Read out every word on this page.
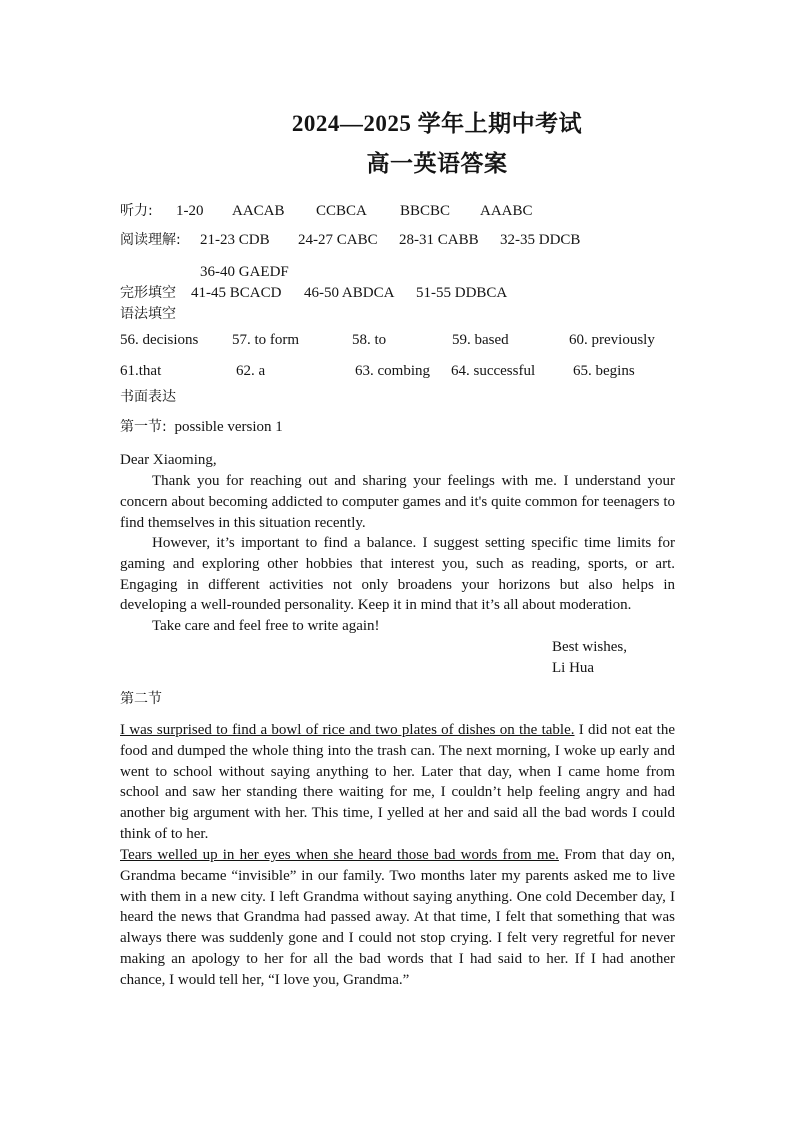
2024—2025 学年上期中考试
高一英语答案
听力: 1-20 AACAB CCBCA BBCBC AAABC
阅读理解: 21-23 CDB 24-27 CABC 28-31 CABB 32-35 DDCB
36-40 GAEDF
完形填空 41-45 BCACD 46-50 ABDCA 51-55 DDBCA
语法填空
56. decisions 57. to form	58. to	59. based	60. previously
61.that	62. a	63. combing 64. successful	65. begins
书面表达
第一节: possible version 1
Dear Xiaoming,
Thank you for reaching out and sharing your feelings with me. I understand your concern about becoming addicted to computer games and it's quite common for teenagers to find themselves in this situation recently.
However, it’s important to find a balance. I suggest setting specific time limits for gaming and exploring other hobbies that interest you, such as reading, sports, or art. Engaging in different activities not only broadens your horizons but also helps in developing a well-rounded personality. Keep it in mind that it’s all about moderation.
Take care and feel free to write again!
Best wishes,
Li Hua
第二节
I was surprised to find a bowl of rice and two plates of dishes on the table. I did not eat the food and dumped the whole thing into the trash can. The next morning, I woke up early and went to school without saying anything to her. Later that day, when I came home from school and saw her standing there waiting for me, I couldn’t help feeling angry and had another big argument with her. This time, I yelled at her and said all the bad words I could think of to her.
Tears welled up in her eyes when she heard those bad words from me. From that day on, Grandma became “invisible” in our family. Two months later my parents asked me to live with them in a new city. I left Grandma without saying anything. One cold December day, I heard the news that Grandma had passed away. At that time, I felt that something that was always there was suddenly gone and I could not stop crying. I felt very regretful for never making an apology to her for all the bad words that I had said to her. If I had another chance, I would tell her, “I love you, Grandma.”
